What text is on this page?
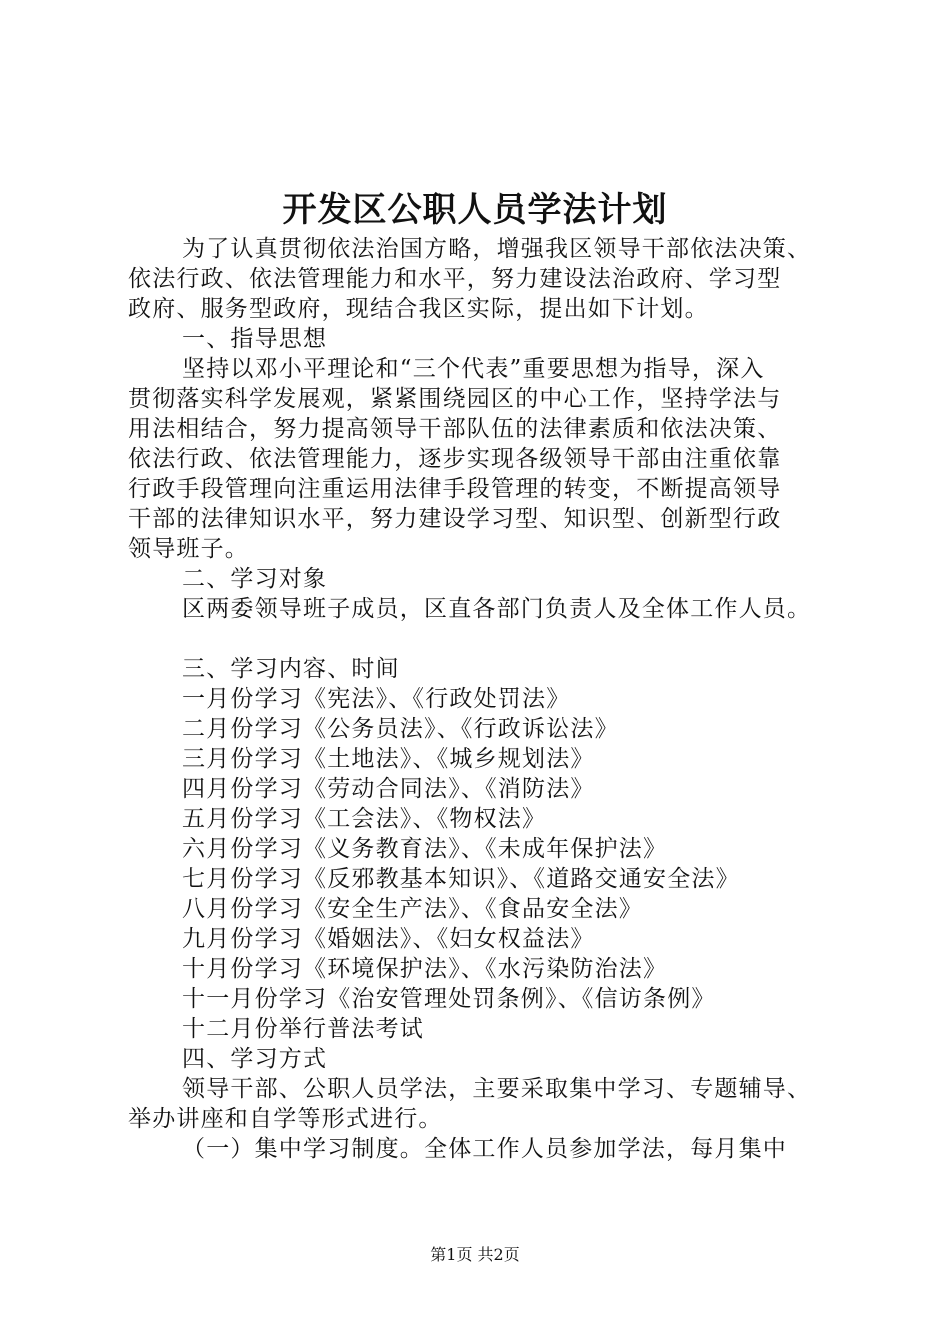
开发区公职人员学法计划

为了认真贯彻依法治国方略，增强我区领导干部依法决策、

依法行政、依法管理能力和水平，努力建设法治政府、学习型

政府、服务型政府，现结合我区实际，提出如下计划。

一、指导思想

坚持以邓小平理论和“三个代表”重要思想为指导，深入

贯彻落实科学发展观，紧紧围绕园区的中心工作，坚持学法与

用法相结合，努力提高领导干部队伍的法律素质和依法决策、

依法行政、依法管理能力，逐步实现各级领导干部由注重依靠

行政手段管理向注重运用法律手段管理的转变，不断提高领导

干部的法律知识水平，努力建设学习型、知识型、创新型行政

领导班子。

二、学习对象

区两委领导班子成员，区直各部门负责人及全体工作人员。

三、学习内容、时间

一月份学习《宪法》、《行政处罚法》

二月份学习《公务员法》、《行政诉讼法》

三月份学习《土地法》、《城乡规划法》

四月份学习《劳动合同法》、《消防法》

五月份学习《工会法》、《物权法》

六月份学习《义务教育法》、《未成年保护法》

七月份学习《反邪教基本知识》、《道路交通安全法》

八月份学习《安全生产法》、《食品安全法》

九月份学习《婚姻法》、《妇女权益法》

十月份学习《环境保护法》、《水污染防治法》

十一月份学习《治安管理处罚条例》、《信访条例》

十二月份举行普法考试

四、学习方式

领导干部、公职人员学法，主要采取集中学习、专题辅导、

举办讲座和自学等形式进行。

（一）集中学习制度。全体工作人员参加学法，每月集中

第1页 共2页
